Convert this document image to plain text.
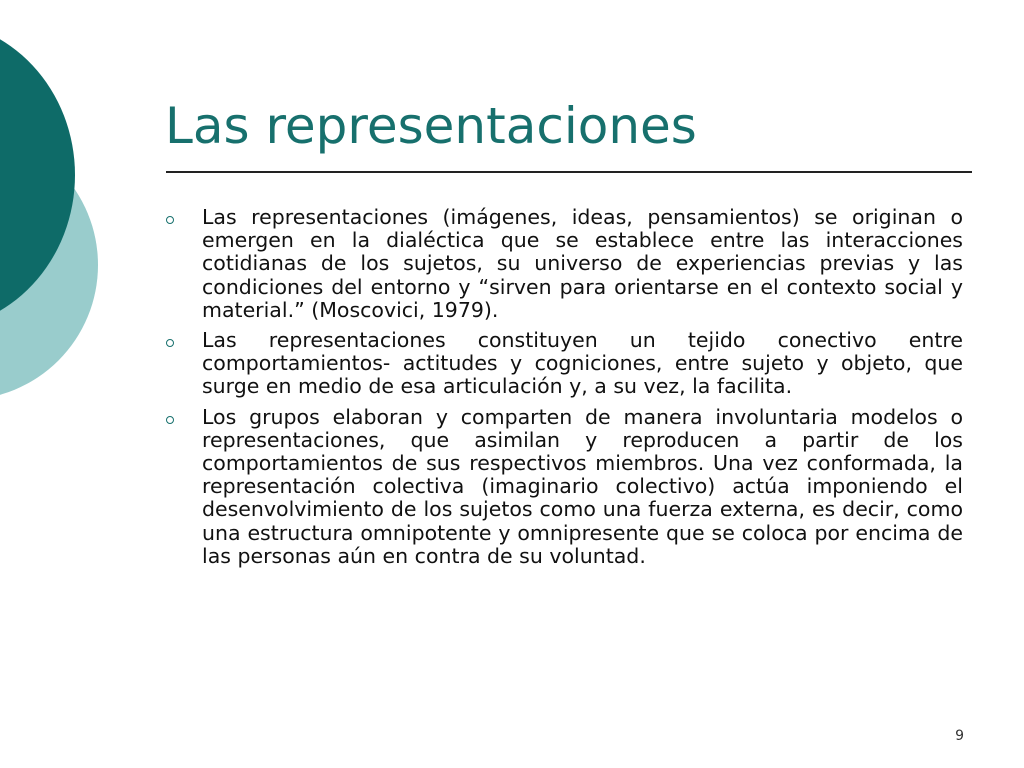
Las representaciones
Las representaciones (imágenes, ideas, pensamientos) se originan o emergen en la dialéctica que se establece entre las interacciones cotidianas de los sujetos, su universo de experiencias previas y las condiciones del entorno y “sirven para orientarse en el contexto social y material.” (Moscovici, 1979).
Las representaciones constituyen un tejido conectivo entre comportamientos- actitudes y cogniciones, entre sujeto y objeto, que surge en medio de esa articulación y, a su vez, la facilita.
Los grupos elaboran y comparten de manera involuntaria modelos o representaciones, que asimilan y reproducen a partir de los comportamientos de sus respectivos miembros. Una vez conformada, la representación colectiva (imaginario colectivo) actúa imponiendo el desenvolvimiento de los sujetos como una fuerza externa, es decir, como una estructura omnipotente y omnipresente que se coloca por encima de las personas aún en contra de su voluntad.
9
